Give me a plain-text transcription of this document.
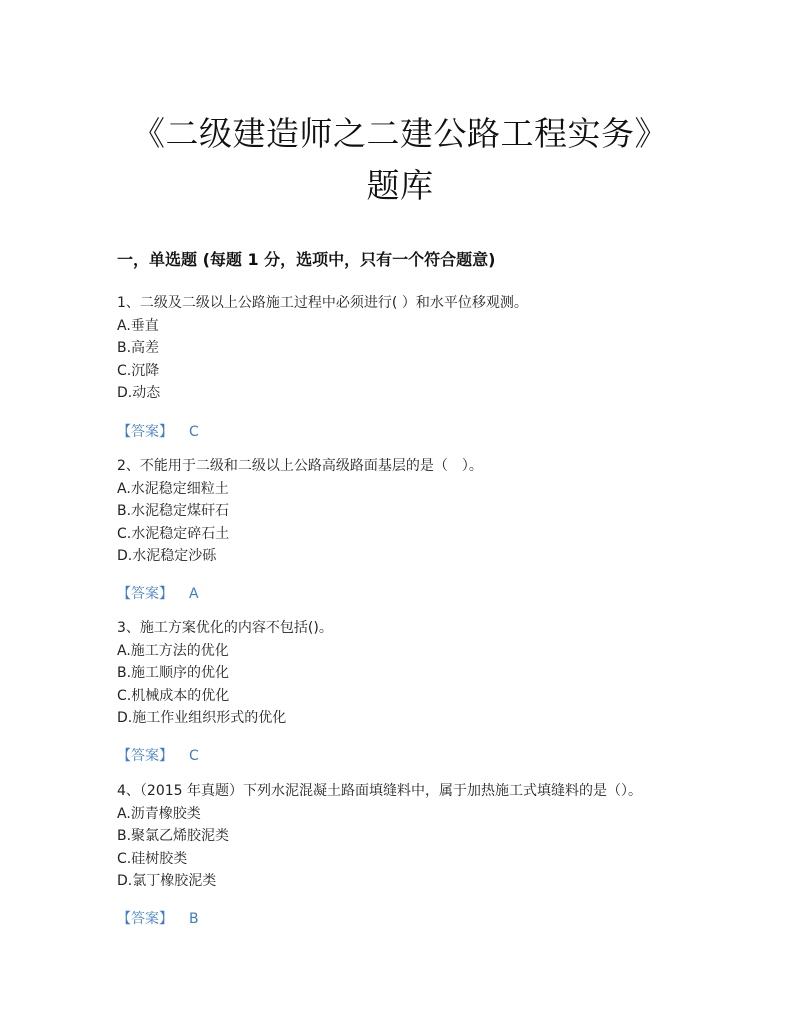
《二级建造师之二建公路工程实务》
题库
一，单选题 (每题 1 分，选项中，只有一个符合题意)

1、二级及二级以上公路施工过程中必须进行( ）和水平位移观测。

A.垂直

B.高差

C.沉降

D.动态

【答案】 C

2、不能用于二级和二级以上公路高级路面基层的是（　）。

A.水泥稳定细粒土

B.水泥稳定煤矸石

C.水泥稳定碎石土

D.水泥稳定沙砾

【答案】 A

3、施工方案优化的内容不包括()。

A.施工方法的优化

B.施工顺序的优化

C.机械成本的优化

D.施工作业组织形式的优化

【答案】 C

4、（2015 年真题）下列水泥混凝土路面填缝料中，属于加热施工式填缝料的是（）。

A.沥青橡胶类

B.聚氯乙烯胶泥类

C.硅树胶类

D.氯丁橡胶泥类

【答案】 B
